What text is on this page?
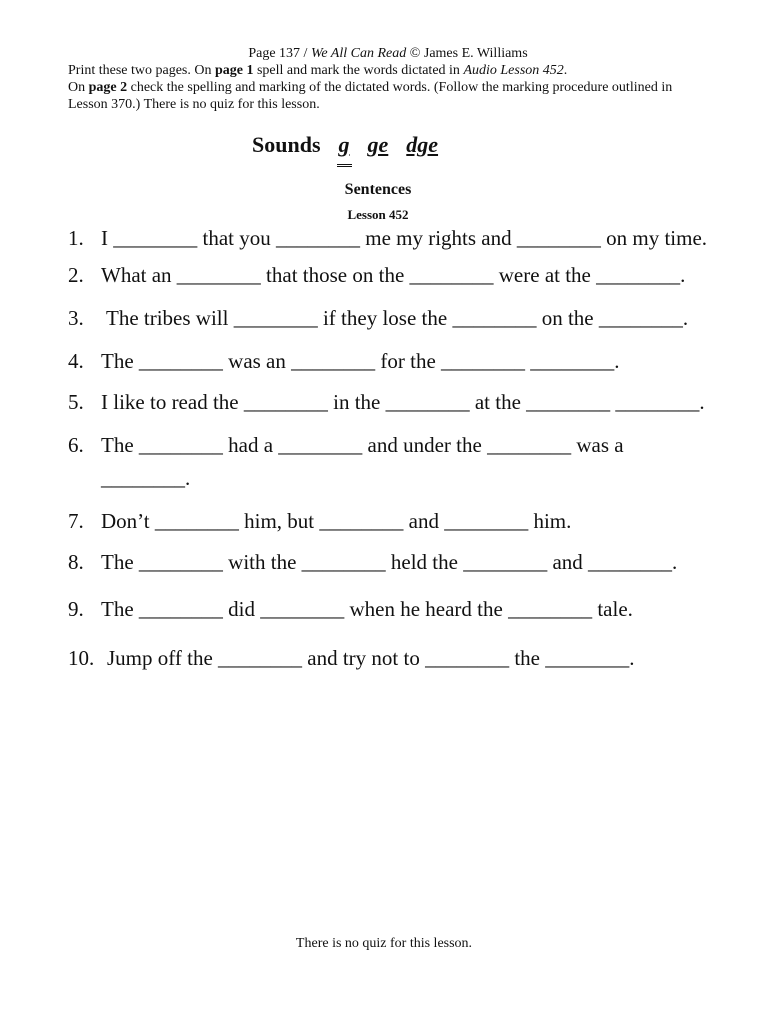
Page 137 / We All Can Read © James E. Williams

Print these two pages. On page 1 spell and mark the words dictated in Audio Lesson 452.

On page 2 check the spelling and marking of the dictated words. (Follow the marking procedure outlined in Lesson 370.) There is no quiz for this lesson.

Sounds g ge dge
Sentences
Lesson 452
1. I ________ that you ________ me my rights and ________ on my time.
2. What an ________ that those on the ________ were at the ________.
3.	The tribes will ________ if they lose the ________ on the ________.
4. The ________ was an ________ for the ________ ________.
5. I like to read the ________ in the ________ at the ________ ________.
6. The ________ had a ________ and under the ________ was a ________.
7. Don’t ________ him, but ________ and ________ him.
8. The ________ with the ________ held the ________ and ________.
9. The ________ did ________ when he heard the ________ tale.
10. Jump off the ________ and try not to ________ the ________.
There is no quiz for this lesson.
